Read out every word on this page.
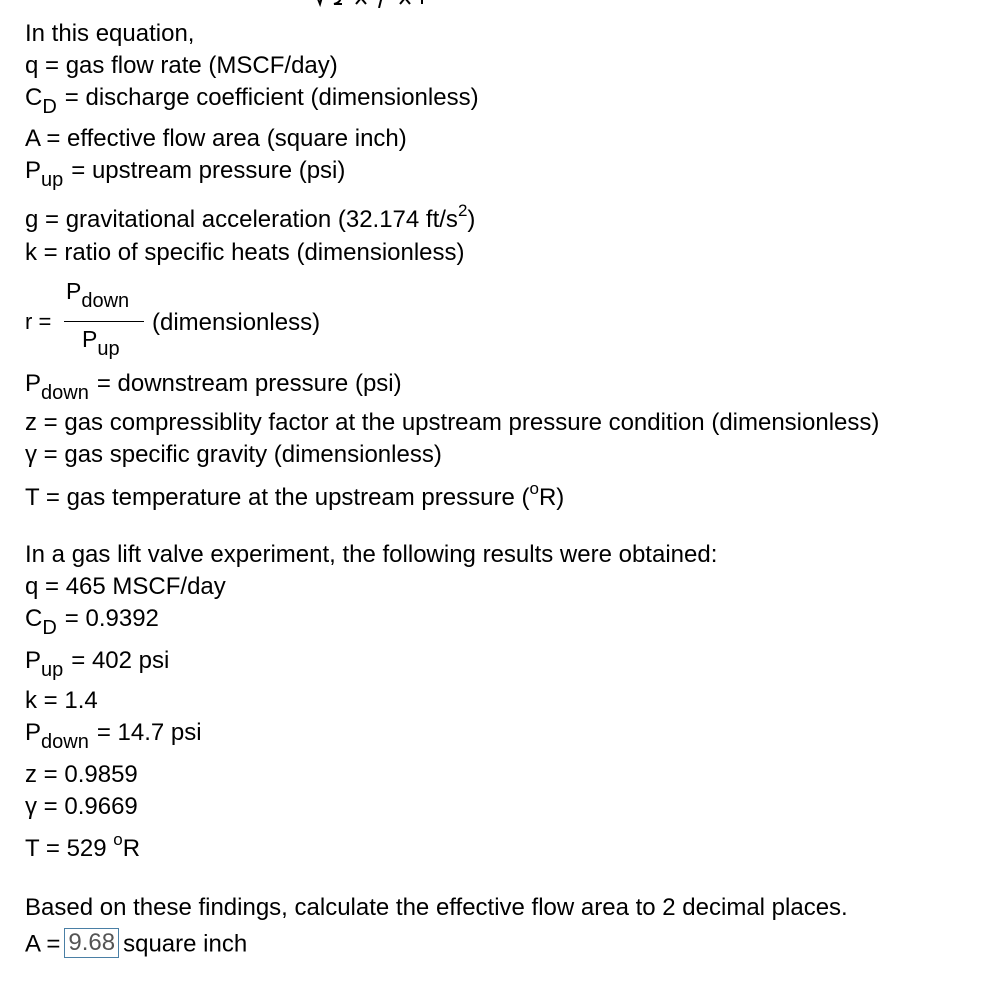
In this equation,
q = gas flow rate (MSCF/day)
$C_D$ = discharge coefficient (dimensionless)
A = effective flow area (square inch)
$P_{up}$ = upstream pressure (psi)
g = gravitational acceleration (32.174 $ft/s^2$)
k = ratio of specific heats (dimensionless)
r =
Pdown
Pup
(dimensionless)
$P_{down}$ = downstream pressure (psi)
z = gas compressiblity factor at the upstream pressure condition (dimensionless)
γ = gas specific gravity (dimensionless)
T = gas temperature at the upstream pressure ($^o$R)
In a gas lift valve experiment, the following results were obtained:
q = 465 MSCF/day
$C_D = 0.9392$
$P_{up} = 402$ psi
k = 1.4
$P_{down} = 14.7$ psi
z = 0.9859
γ = 0.9669
T = 529 $^o$R
Based on these findings, calculate the effective flow area to 2 decimal places.
A = 9.68 square inch
